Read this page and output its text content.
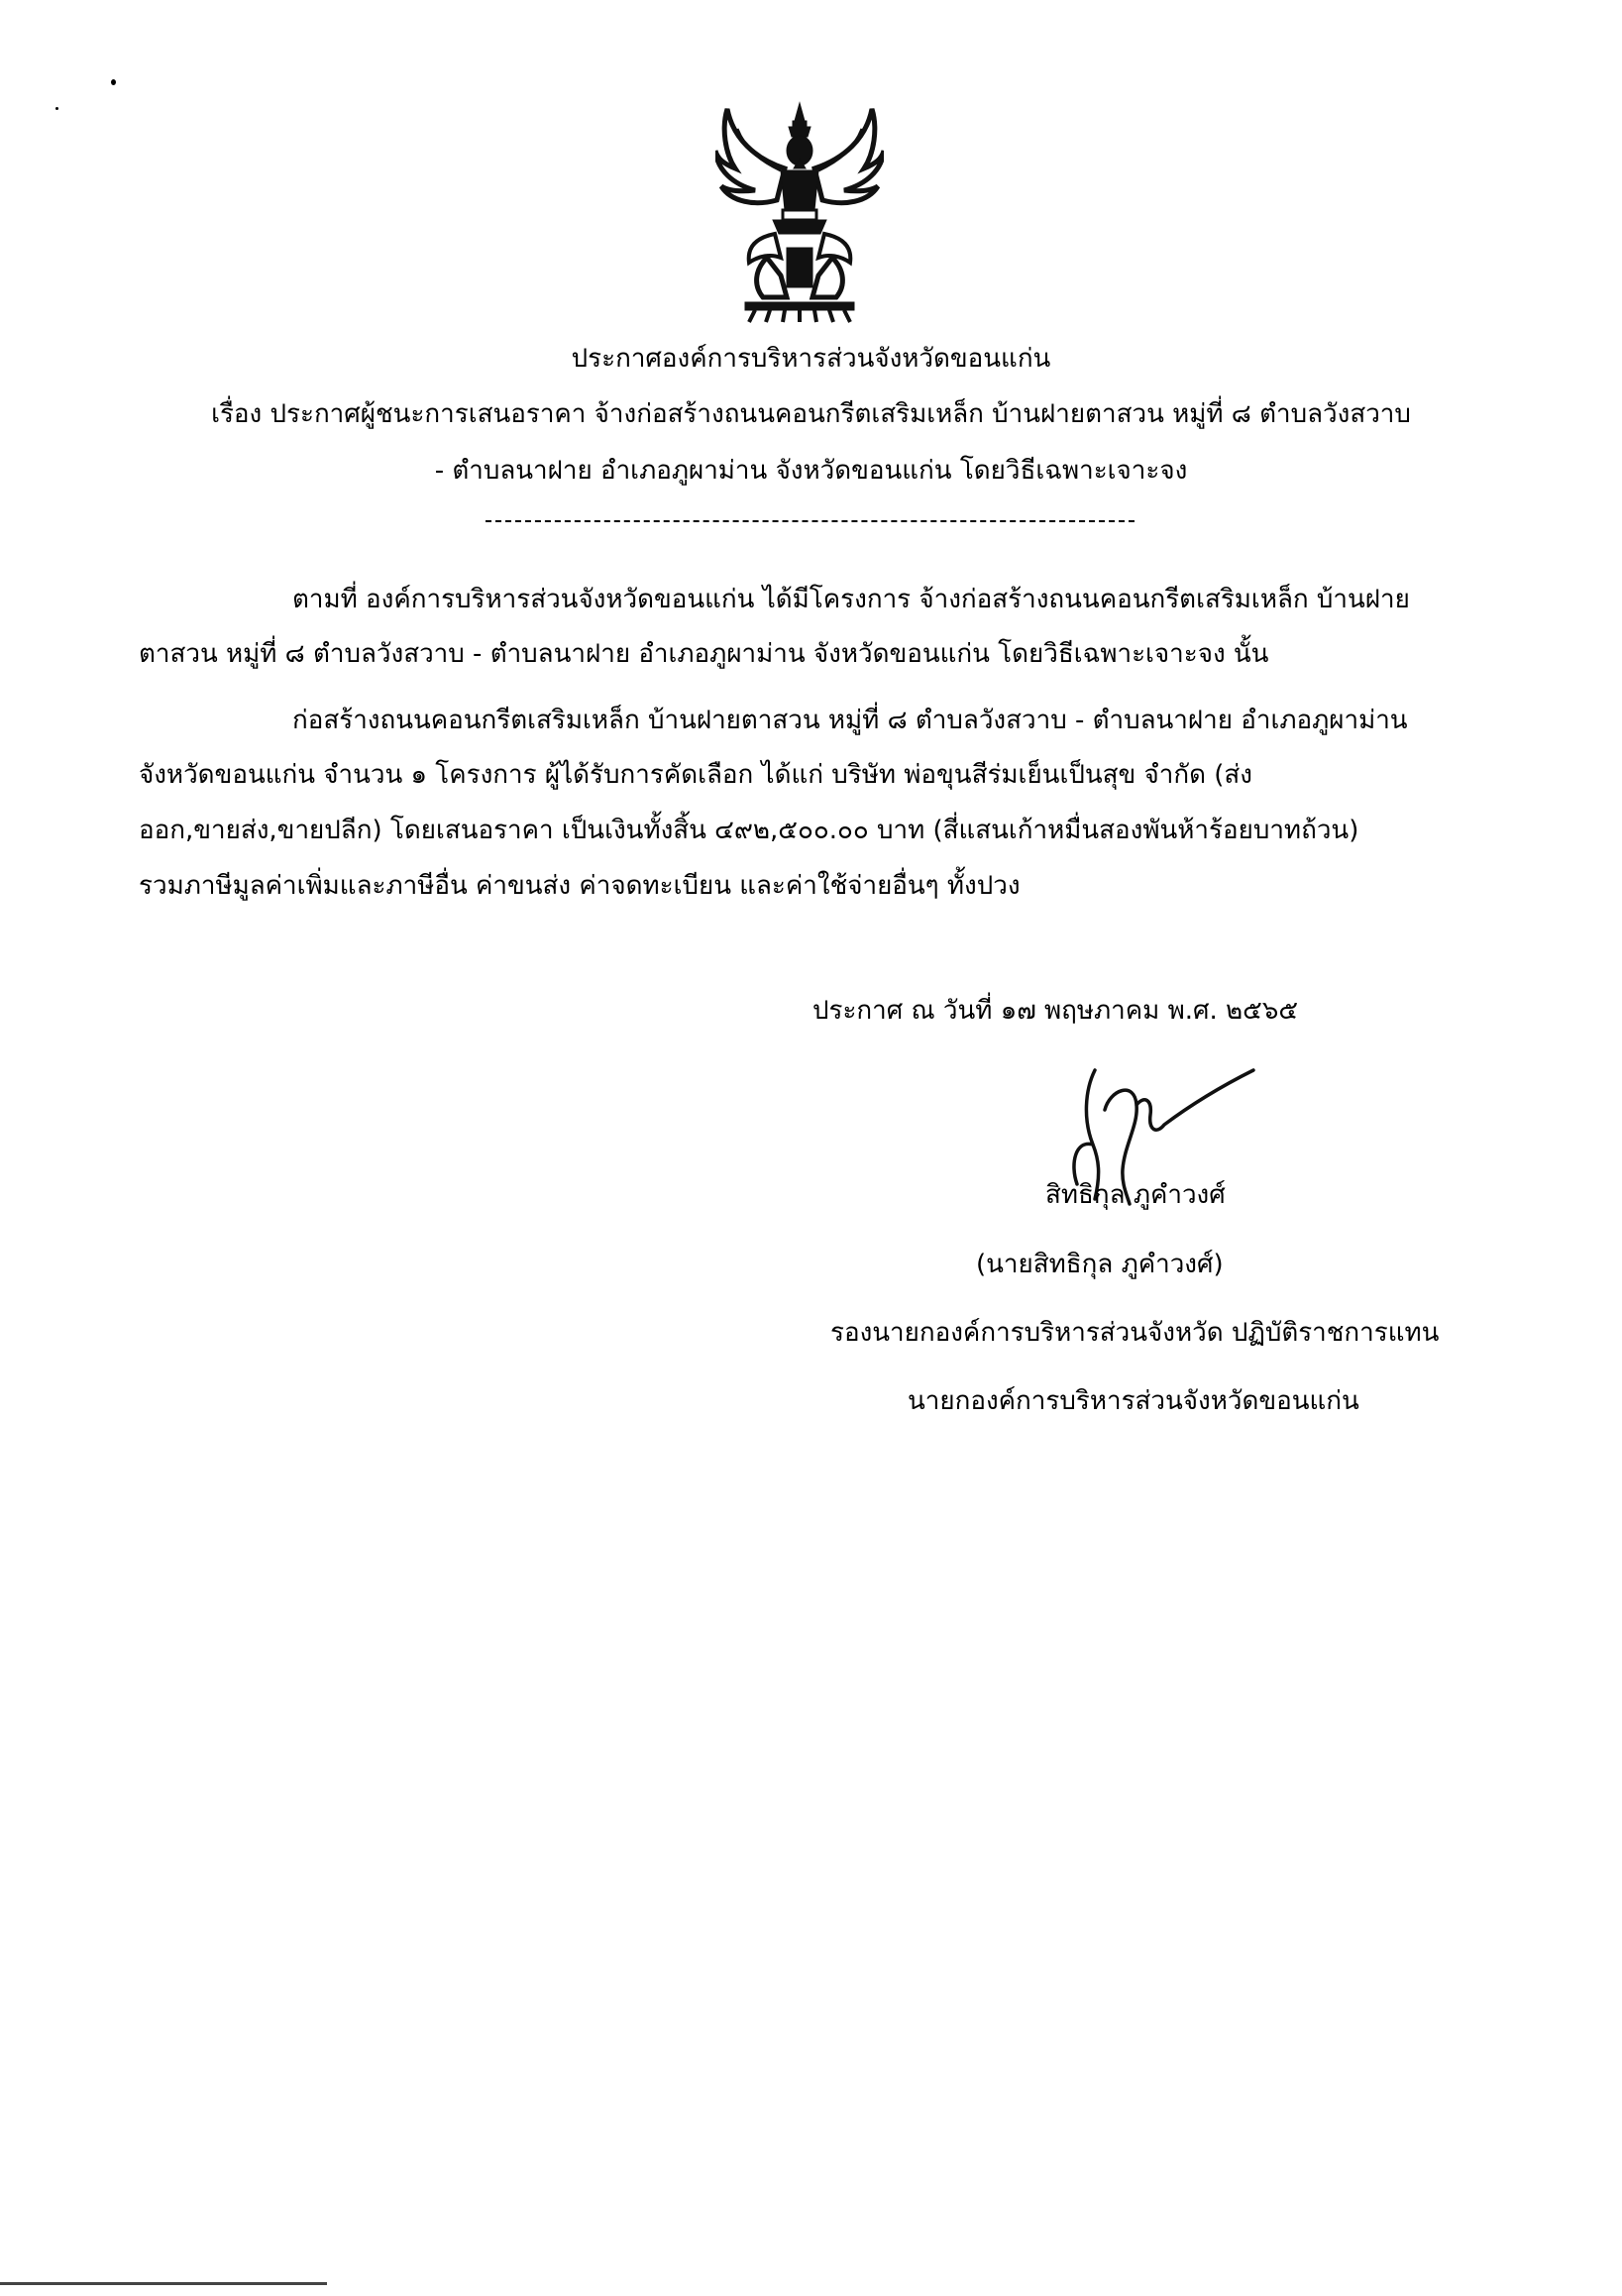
ประกาศองค์การบริหารส่วนจังหวัดขอนแก่น
เรื่อง ประกาศผู้ชนะการเสนอราคา จ้างก่อสร้างถนนคอนกรีตเสริมเหล็ก บ้านฝายตาสวน หมู่ที่ ๘ ตำบลวังสวาบ
- ตำบลนาฝาย อำเภอภูผาม่าน จังหวัดขอนแก่น โดยวิธีเฉพาะเจาะจง
ตามที่ องค์การบริหารส่วนจังหวัดขอนแก่น ได้มีโครงการ จ้างก่อสร้างถนนคอนกรีตเสริมเหล็ก บ้านฝาย
ตาสวน หมู่ที่ ๘ ตำบลวังสวาบ - ตำบลนาฝาย อำเภอภูผาม่าน จังหวัดขอนแก่น โดยวิธีเฉพาะเจาะจง นั้น
ก่อสร้างถนนคอนกรีตเสริมเหล็ก บ้านฝายตาสวน หมู่ที่ ๘ ตำบลวังสวาบ - ตำบลนาฝาย อำเภอภูผาม่าน
จังหวัดขอนแก่น จำนวน ๑ โครงการ ผู้ได้รับการคัดเลือก ได้แก่ บริษัท พ่อขุนสีร่มเย็นเป็นสุข จำกัด (ส่ง
ออก,ขายส่ง,ขายปลีก) โดยเสนอราคา เป็นเงินทั้งสิ้น ๔๙๒,๕๐๐.๐๐ บาท (สี่แสนเก้าหมื่นสองพันห้าร้อยบาทถ้วน)
รวมภาษีมูลค่าเพิ่มและภาษีอื่น ค่าขนส่ง ค่าจดทะเบียน และค่าใช้จ่ายอื่นๆ ทั้งปวง
ประกาศ ณ วันที่ ๑๗ พฤษภาคม พ.ศ. ๒๕๖๕
สิทธิกุล ภูคำวงศ์
(นายสิทธิกุล ภูคำวงศ์)
รองนายกองค์การบริหารส่วนจังหวัด ปฏิบัติราชการแทน
นายกองค์การบริหารส่วนจังหวัดขอนแก่น
